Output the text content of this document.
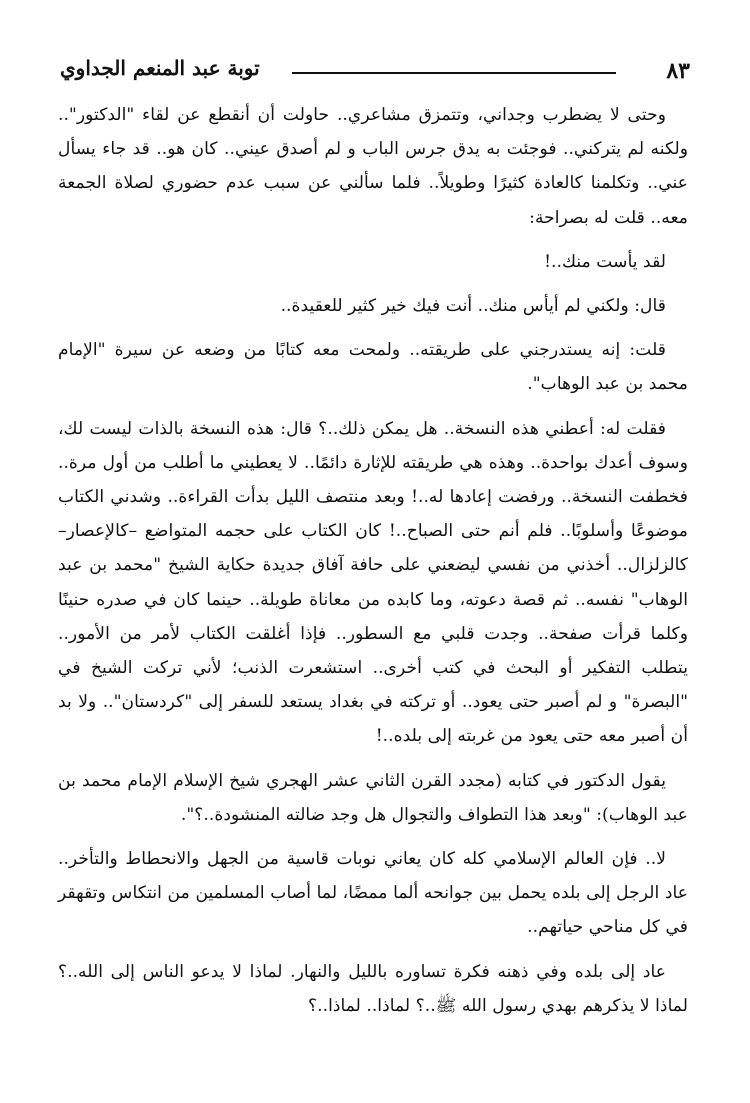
٨٣
توبة عبد المنعم الجداوي

وحتى لا يضطرب وجداني، وتتمزق مشاعري.. حاولت أن أنقطع عن لقاء "الدكتور".. ولكنه لم يتركني.. فوجئت به يدق جرس الباب و لم أصدق عيني.. كان هو.. قد جاء يسأل عني.. وتكلمنا كالعادة كثيرًا وطويلاً.. فلما سألني عن سبب عدم حضوري لصلاة الجمعة معه.. قلت له بصراحة:

لقد يأست منك..!

قال: ولكني لم أيأس منك.. أنت فيك خير كثير للعقيدة..

قلت: إنه يستدرجني على طريقته.. ولمحت معه كتابًا من وضعه عن سيرة "الإمام محمد بن عبد الوهاب".

فقلت له: أعطني هذه النسخة.. هل يمكن ذلك..؟ قال: هذه النسخة بالذات ليست لك، وسوف أعدك بواحدة.. وهذه هي طريقته للإثارة دائمًا.. لا يعطيني ما أطلب من أول مرة.. فخطفت النسخة.. ورفضت إعادها له..! وبعد منتصف الليل بدأت القراءة.. وشدني الكتاب موضوعًا وأسلوبًا.. فلم أنم حتى الصباح..! كان الكتاب على حجمه المتواضع –كالإعصار– كالزلزال.. أخذني من نفسي ليضعني على حافة آفاق جديدة حكاية الشيخ "محمد بن عبد الوهاب" نفسه.. ثم قصة دعوته، وما كابده من معاناة طويلة.. حينما كان في صدره حنينًا وكلما قرأت صفحة.. وجدت قلبي مع السطور.. فإذا أغلقت الكتاب لأمر من الأمور.. يتطلب التفكير أو البحث في كتب أخرى.. استشعرت الذنب؛ لأني تركت الشيخ في "البصرة" و لم أصبر حتى يعود.. أو تركته في بغداد يستعد للسفر إلى "كردستان".. ولا بد أن أصبر معه حتى يعود من غربته إلى بلده..!

يقول الدكتور في كتابه (مجدد القرن الثاني عشر الهجري شيخ الإسلام الإمام محمد بن عبد الوهاب): "وبعد هذا التطواف والتجوال هل وجد ضالته المنشودة..؟".

لا.. فإن العالم الإسلامي كله كان يعاني نوبات قاسية من الجهل والانحطاط والتأخر.. عاد الرجل إلى بلده يحمل بين جوانحه ألما ممضًا، لما أصاب المسلمين من انتكاس وتقهقر في كل مناحي حياتهم..

عاد إلى بلده وفي ذهنه فكرة تساوره بالليل والنهار. لماذا لا يدعو الناس إلى الله..؟ لماذا لا يذكرهم بهدي رسول الله ﷺ..؟ لماذا.. لماذا..؟
